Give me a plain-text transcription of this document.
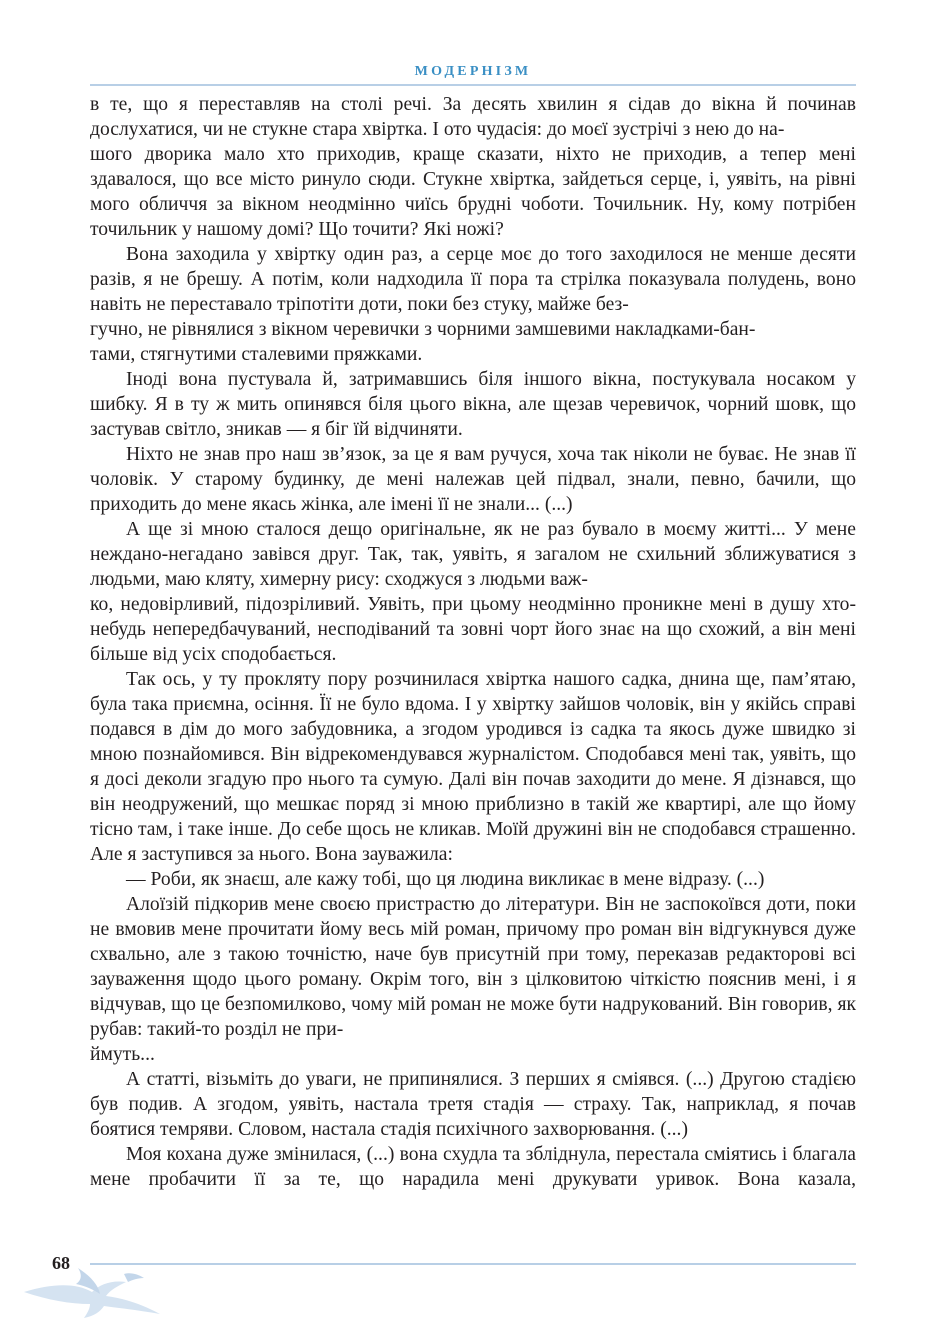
МОДЕРНІЗМ

в те, що я переставляв на столі речі. За десять хвилин я сідав до вікна й починав дослухатися, чи не стукне стара хвіртка. І ото чудасія: до моєї зустрічі з нею до на-
шого дворика мало хто приходив, краще сказати, ніхто не приходив, а тепер мені здавалося, що все місто ринуло сюди. Стукне хвіртка, зайдеться серце, і, уявіть, на рівні мого обличчя за вікном неодмінно чиїсь брудні чоботи. Точильник. Ну, кому потрібен точильник у нашому домі? Що точити? Які ножі?

Вона заходила у хвіртку один раз, а серце моє до того заходилося не менше десяти разів, я не брешу. А потім, коли надходила її пора та стрілка показувала полудень, воно навіть не переставало тріпотіти доти, поки без стуку, майже без-
гучно, не рівнялися з вікном черевички з чорними замшевими накладками-бан-
тами, стягнутими сталевими пряжками.

Іноді вона пустувала й, затримавшись біля іншого вікна, постукувала носаком у шибку. Я в ту ж мить опинявся біля цього вікна, але щезав черевичок, чорний шовк, що застував світло, зникав — я біг їй відчиняти.

Ніхто не знав про наш зв’язок, за це я вам ручуся, хоча так ніколи не буває. Не знав її чоловік. У старому будинку, де мені належав цей підвал, знали, певно, бачили, що приходить до мене якась жінка, але імені її не знали... (...)

А ще зі мною сталося дещо оригінальне, як не раз бувало в моєму житті... У мене неждано-негадано завівся друг. Так, так, уявіть, я загалом не схильний зближуватися з людьми, маю кляту, химерну рису: сходжуся з людьми важ-
ко, недовірливий, підозріливий. Уявіть, при цьому неодмінно проникне мені в душу хто-небудь непередбачуваний, несподіваний та зовні чорт його знає на що схожий, а він мені більше від усіх сподобається.

Так ось, у ту прокляту пору розчинилася хвіртка нашого садка, днина ще, пам’ятаю, була така приємна, осіння. Її не було вдома. І у хвіртку зайшов чоловік, він у якійсь справі подався в дім до мого забудовника, а згодом уродився із садка та якось дуже швидко зі мною познайомився. Він відрекомендувався журналістом. Сподобався мені так, уявіть, що я досі деколи згадую про нього та сумую. Далі він почав заходити до мене. Я дізнався, що він неодружений, що мешкає поряд зі мною приблизно в такій же квартирі, але що йому тісно там, і таке інше. До себе щось не кликав. Моїй дружині він не сподобався страшенно. Але я заступився за нього. Вона зауважила:

— Роби, як знаєш, але кажу тобі, що ця людина викликає в мене відразу. (...)

Алоїзій підкорив мене своєю пристрастю до літератури. Він не заспокоївся доти, поки не вмовив мене прочитати йому весь мій роман, причому про роман він відгукнувся дуже схвально, але з такою точністю, наче був присутній при тому, переказав редакторові всі зауваження щодо цього роману. Окрім того, він з цілковитою чіткістю пояснив мені, і я відчував, що це безпомилково, чому мій роман не може бути надрукований. Він говорив, як рубав: такий-то розділ не при-
ймуть...

А статті, візьміть до уваги, не припинялися. З перших я сміявся. (...) Другою стадією був подив. А згодом, уявіть, настала третя стадія — страху. Так, наприклад, я почав боятися темряви. Словом, настала стадія психічного захворювання. (...)

Моя кохана дуже змінилася, (...) вона схудла та збліднула, перестала сміятись і благала мене пробачити її за те, що нарадила мені друкувати уривок. Вона казала,

68
